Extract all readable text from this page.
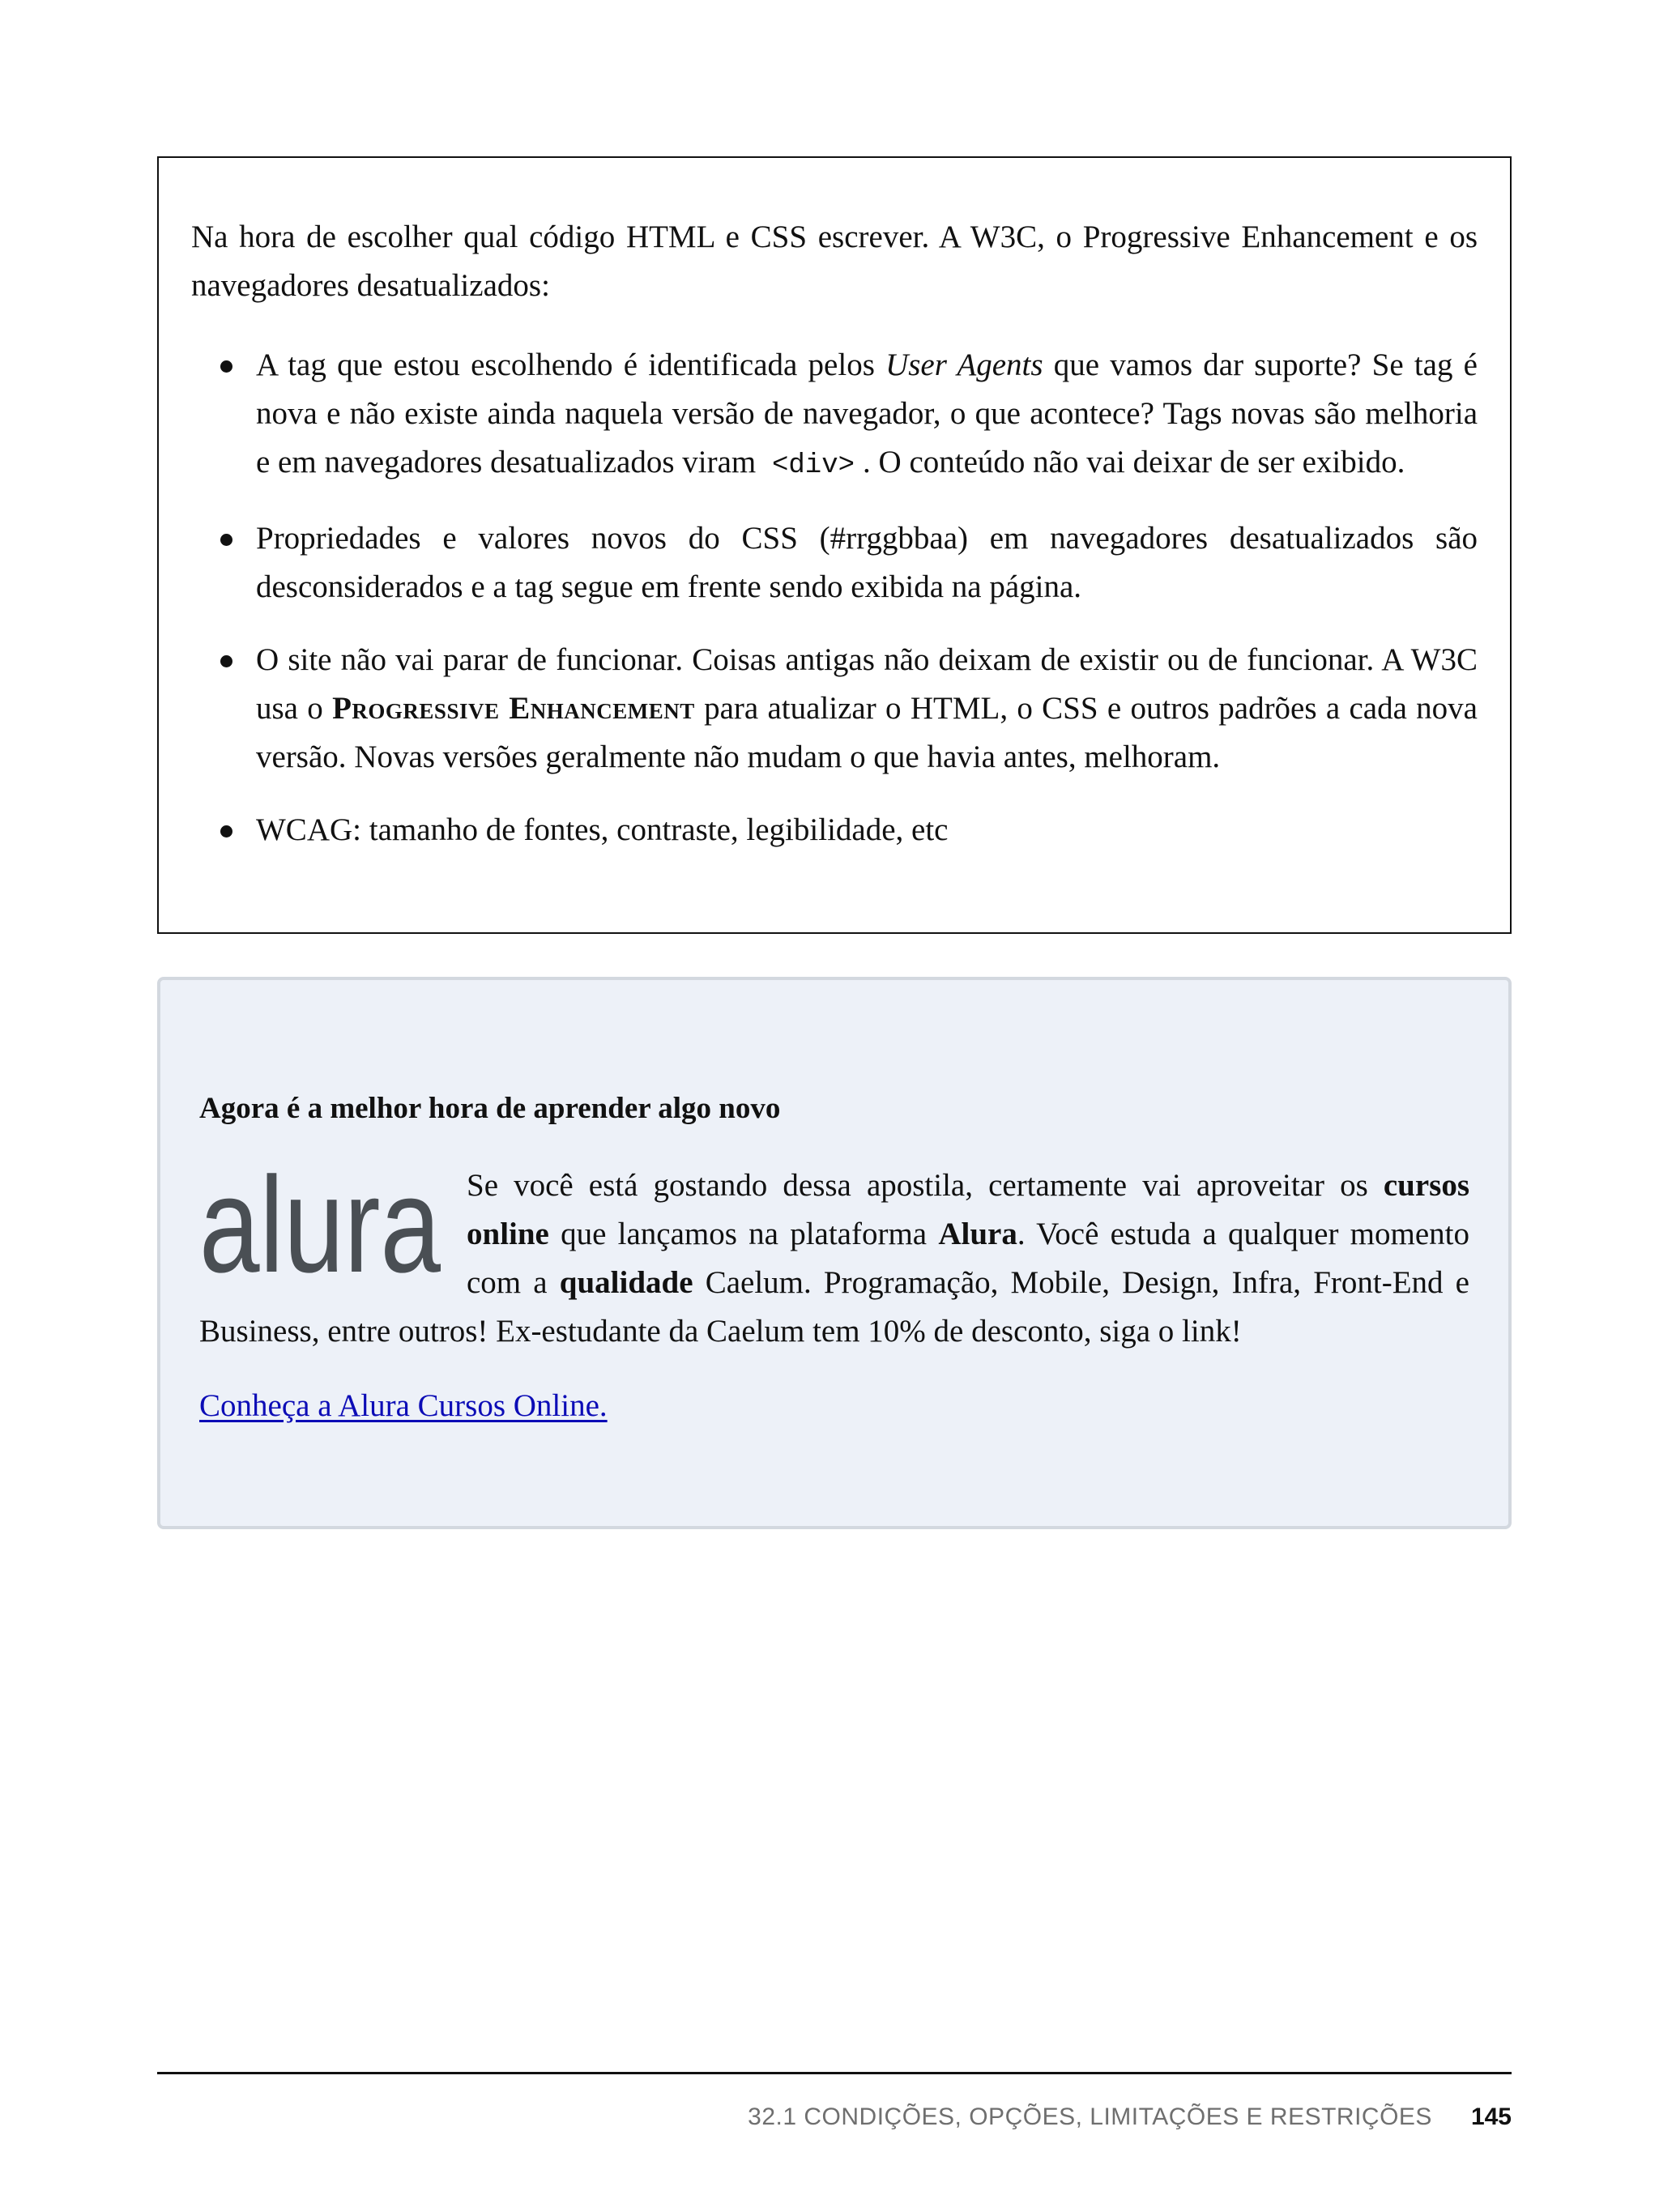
Na hora de escolher qual código HTML e CSS escrever. A W3C, o Progressive Enhancement e os navegadores desatualizados:

A tag que estou escolhendo é identificada pelos User Agents que vamos dar suporte? Se tag é nova e não existe ainda naquela versão de navegador, o que acontece? Tags novas são melhoria e em navegadores desatualizados viram <div> . O conteúdo não vai deixar de ser exibido.
Propriedades e valores novos do CSS (#rrggbbaa) em navegadores desatualizados são desconsiderados e a tag segue em frente sendo exibida na página.
O site não vai parar de funcionar. Coisas antigas não deixam de existir ou de funcionar. A W3C usa o Progressive Enhancement para atualizar o HTML, o CSS e outros padrões a cada nova versão. Novas versões geralmente não mudam o que havia antes, melhoram.
WCAG: tamanho de fontes, contraste, legibilidade, etc

Agora é a melhor hora de aprender algo novo

alura Se você está gostando dessa apostila, certamente vai aproveitar os cursos online que lançamos na plataforma Alura. Você estuda a qualquer momento com a qualidade Caelum. Programação, Mobile, Design, Infra, Front-End e Business, entre outros! Ex-estudante da Caelum tem 10% de desconto, siga o link!
Conheça a Alura Cursos Online.
32.1 CONDIÇÕES, OPÇÕES, LIMITAÇÕES E RESTRIÇÕES 145
